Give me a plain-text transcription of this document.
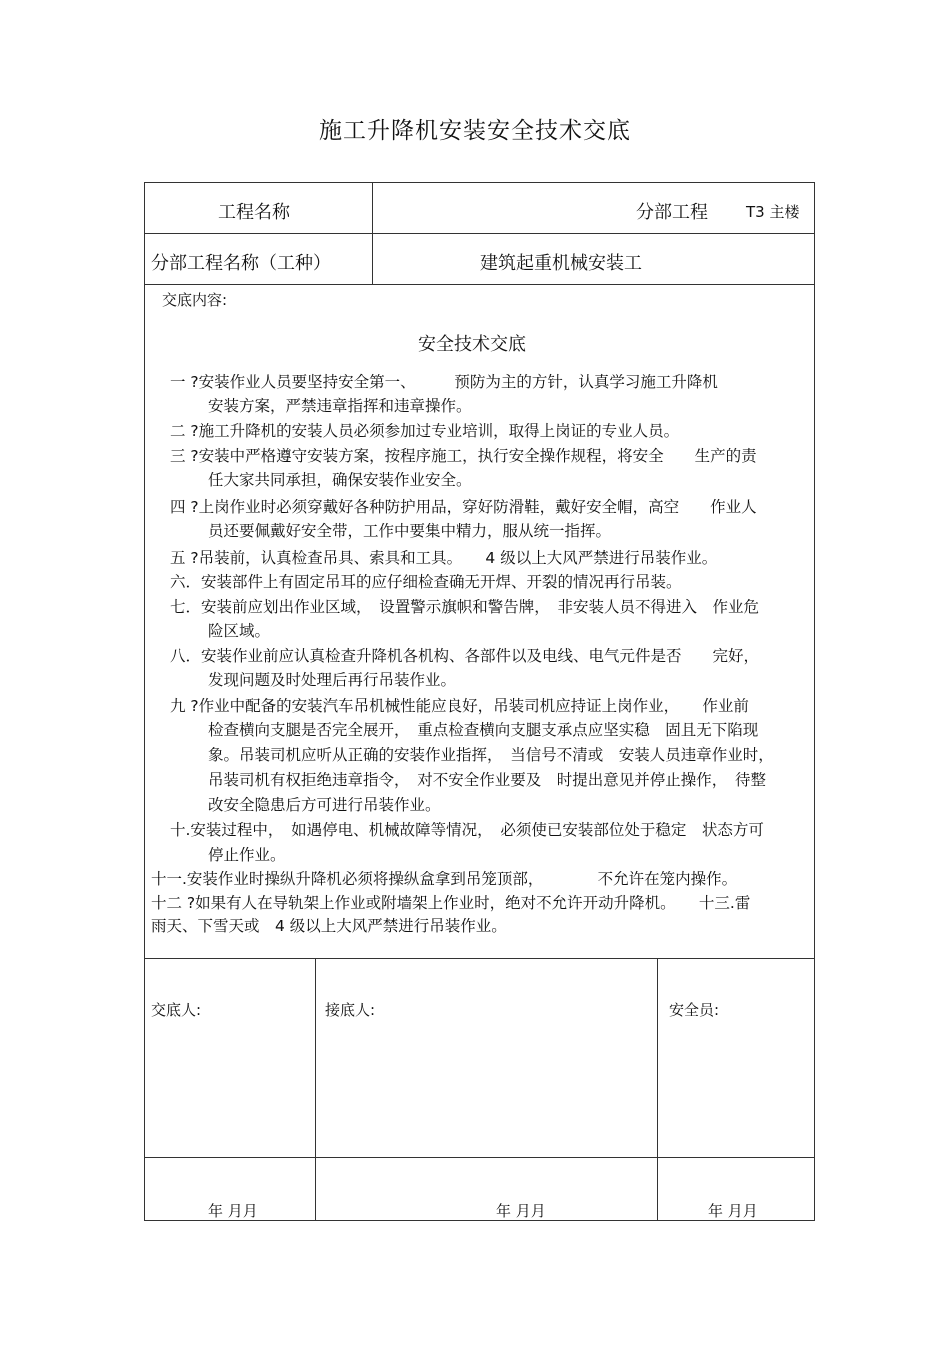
施工升降机安装安全技术交底
工程名称	分部工程	T3 主楼
分部工程名称（工种）	建筑起重机械安装工
交底内容:
安全技术交底
一 ?安装作业人员要坚持安全第一、　　　预防为主的方针，认真学习施工升降机
安装方案，严禁违章指挥和违章操作。
二 ?施工升降机的安装人员必须参加过专业培训，取得上岗证的专业人员。
三 ?安装中严格遵守安装方案，按程序施工，执行安全操作规程，将安全　　生产的责
任大家共同承担，确保安装作业安全。
四 ?上岗作业时必须穿戴好各种防护用品，穿好防滑鞋，戴好安全帽，高空　　作业人
员还要佩戴好安全带，工作中要集中精力，服从统一指挥。
五 ?吊装前，认真检查吊具、索具和工具。　　4 级以上大风严禁进行吊装作业。
六．安装部件上有固定吊耳的应仔细检查确无开焊、开裂的情况再行吊装。
七．安装前应划出作业区域，　设置警示旗帜和警告牌，　非安装人员不得进入　作业危
险区域。
八．安装作业前应认真检查升降机各机构、各部件以及电线、电气元件是否　　完好，
发现问题及时处理后再行吊装作业。
九 ?作业中配备的安装汽车吊机械性能应良好，吊装司机应持证上岗作业，　　作业前
检查横向支腿是否完全展开，　重点检查横向支腿支承点应坚实稳　固且无下陷现
象。吊装司机应听从正确的安装作业指挥，　当信号不清或　安装人员违章作业时，
吊装司机有权拒绝违章指令，　对不安全作业要及　时提出意见并停止操作，　待整
改安全隐患后方可进行吊装作业。
十.安装过程中，　如遇停电、机械故障等情况，　必须使已安装部位处于稳定　状态方可
停止作业。
十一.安装作业时操纵升降机必须将操纵盒拿到吊笼顶部，　　　　不允许在笼内操作。
十二 ?如果有人在导轨架上作业或附墙架上作业时，绝对不允许开动升降机。　　十三.雷
雨天、下雪天或　4 级以上大风严禁进行吊装作业。
交底人:	接底人:	安全员:
年 月月	年 月月	年 月月
